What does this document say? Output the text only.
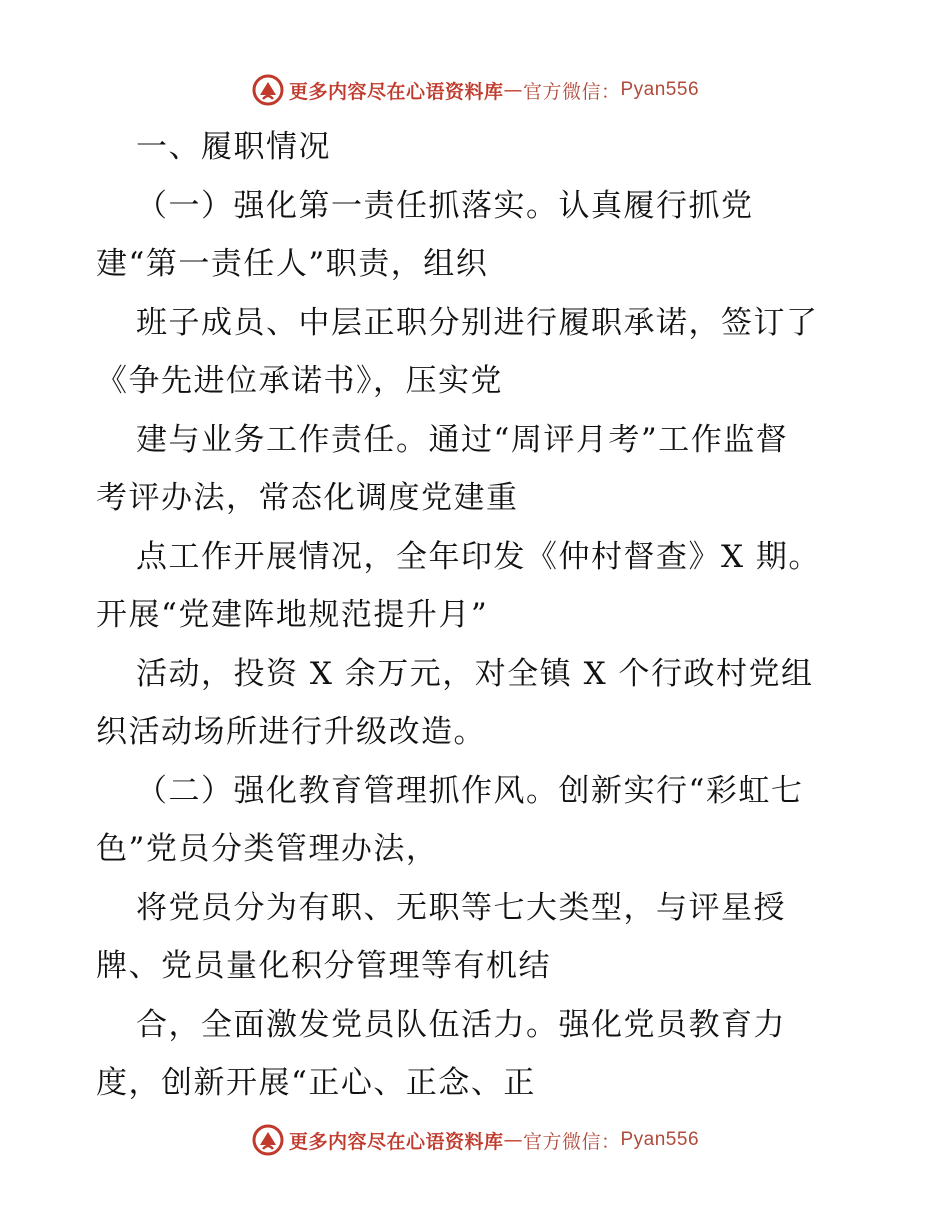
更多内容尽在心语资料库 — 官方微信： Pyan556
一、履职情况
（一）强化第一责任抓落实。认真履行抓党
建“第一责任人”职责，组织
班子成员、中层正职分别进行履职承诺，签订了
《争先进位承诺书》，压实党
建与业务工作责任。通过“周评月考”工作监督
考评办法，常态化调度党建重
点工作开展情况，全年印发《仲村督查》X 期。
开展“党建阵地规范提升月”
活动，投资 X 余万元，对全镇 X 个行政村党组
织活动场所进行升级改造。
（二）强化教育管理抓作风。创新实行“彩虹七
色”党员分类管理办法，
将党员分为有职、无职等七大类型，与评星授
牌、党员量化积分管理等有机结
合，全面激发党员队伍活力。强化党员教育力
度，创新开展“正心、正念、正
更多内容尽在心语资料库 — 官方微信： Pyan556
